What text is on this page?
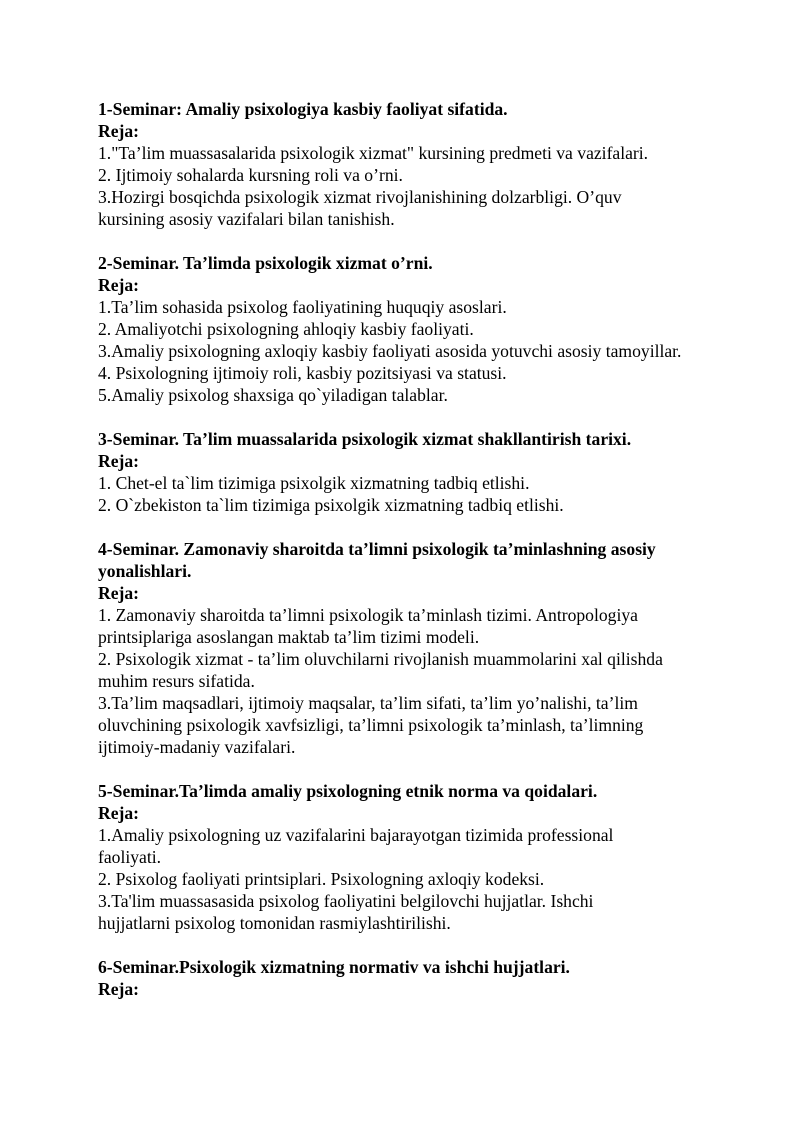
1-Seminar: Amaliy psixologiya kasbiy faoliyat sifatida.
Reja:
1."Ta’lim muassasalarida psixologik xizmat" kursining predmeti va vazifalari.
2. Ijtimoiy sohalarda kursning roli va o’rni.
3.Hozirgi bosqichda psixologik xizmat rivojlanishining dolzarbligi. O’quv kursining asosiy vazifalari bilan tanishish.
2-Seminar. Ta’limda psixologik xizmat o’rni.
Reja:
1.Ta’lim sohasida psixolog faoliyatining huquqiy asoslari.
2. Amaliyotchi psixologning ahloqiy kasbiy faoliyati.
3.Amaliy psixologning axloqiy kasbiy faoliyati asosida yotuvchi asosiy tamoyillar.
4. Psixologning ijtimoiy roli, kasbiy pozitsiyasi va statusi.
5.Amaliy psixolog shaxsiga qo`yiladigan talablar.
3-Seminar. Ta’lim muassalarida psixologik xizmat shakllantirish tarixi.
Reja:
1. Chet-el ta`lim tizimiga psixolgik xizmatning tadbiq etlishi.
2. O`zbekiston ta`lim tizimiga psixolgik xizmatning tadbiq etlishi.
4-Seminar. Zamonaviy sharoitda ta’limni psixologik ta’minlashning asosiy yonalishlari.
Reja:
1. Zamonaviy sharoitda ta’limni psixologik ta’minlash tizimi. Antropologiya printsiplariga asoslangan maktab ta’lim tizimi modeli.
2. Psixologik xizmat - ta’lim oluvchilarni rivojlanish muammolarini xal qilishda muhim resurs sifatida.
3.Ta’lim maqsadlari, ijtimoiy maqsalar, ta’lim sifati, ta’lim yo’nalishi, ta’lim oluvchining psixologik xavfsizligi, ta’limni psixologik ta’minlash, ta’limning ijtimoiy-madaniy vazifalari.
5-Seminar.Ta’limda amaliy psixologning etnik norma va qoidalari.
Reja:
1.Amaliy psixologning uz vazifalarini bajarayotgan tizimida professional faoliyati.
2. Psixolog faoliyati printsiplari. Psixologning axloqiy kodeksi.
3.Ta'lim muassasasida psixolog faoliyatini belgilovchi hujjatlar. Ishchi hujjatlarni psixolog tomonidan rasmiylashtirilishi.
6-Seminar.Psixologik xizmatning normativ va ishchi hujjatlari.
Reja:
